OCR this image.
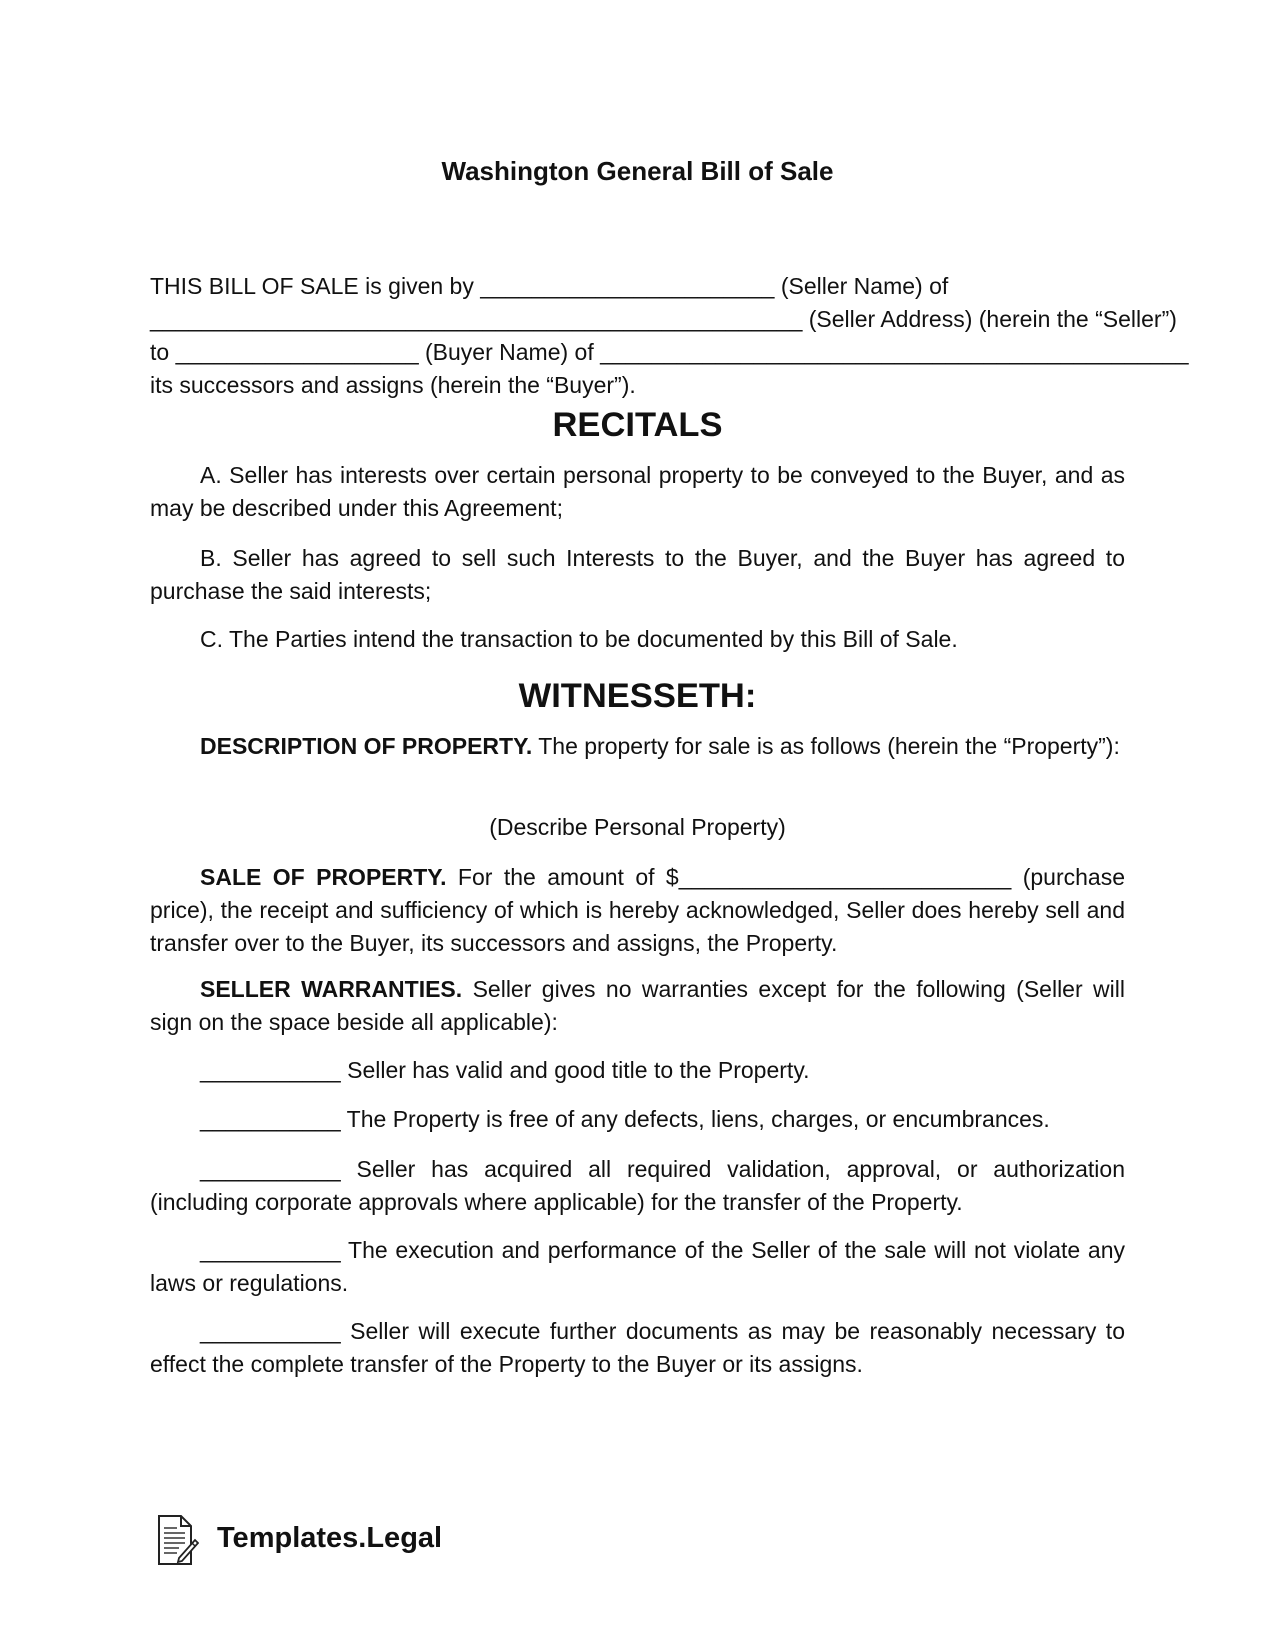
Washington General Bill of Sale
THIS BILL OF SALE is given by _______________________ (Seller Name) of
___________________________________________________ (Seller Address) (herein the “Seller”)
to ___________________ (Buyer Name) of ______________________________________________
its successors and assigns (herein the “Buyer”).
RECITALS

A. Seller has interests over certain personal property to be conveyed to the Buyer, and as may be described under this Agreement;

B. Seller has agreed to sell such Interests to the Buyer, and the Buyer has agreed to purchase the said interests;

C. The Parties intend the transaction to be documented by this Bill of Sale.

WITNESSETH:

DESCRIPTION OF PROPERTY. The property for sale is as follows (herein the “Property”):

(Describe Personal Property)

SALE OF PROPERTY. For the amount of $__________________________ (purchase price), the receipt and sufficiency of which is hereby acknowledged, Seller does hereby sell and transfer over to the Buyer, its successors and assigns, the Property.

SELLER WARRANTIES. Seller gives no warranties except for the following (Seller will sign on the space beside all applicable):

___________ Seller has valid and good title to the Property.

___________ The Property is free of any defects, liens, charges, or encumbrances.

___________ Seller has acquired all required validation, approval, or authorization (including corporate approvals where applicable) for the transfer of the Property.

___________ The execution and performance of the Seller of the sale will not violate any laws or regulations.

___________ Seller will execute further documents as may be reasonably necessary to effect the complete transfer of the Property to the Buyer or its assigns.

Templates.Legal
